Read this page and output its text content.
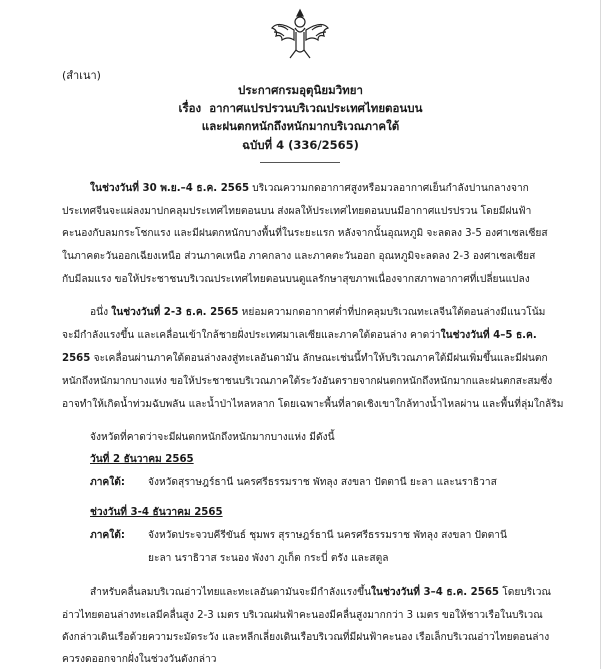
(สำเนา)
ประกาศกรมอุตุนิยมวิทยา
เรื่อง อากาศแปรปรวนบริเวณประเทศไทยตอนบน
และฝนตกหนักถึงหนักมากบริเวณภาคใต้
ฉบับที่ 4 (336/2565)
ในช่วงวันที่ 30 พ.ย.–4 ธ.ค. 2565 บริเวณความกดอากาศสูงหรือมวลอากาศเย็นกำลังปานกลางจาก
ประเทศจีนจะแผ่ลงมาปกคลุมประเทศไทยตอนบน ส่งผลให้ประเทศไทยตอนบนมีอากาศแปรปรวน โดยมีฝนฟ้า
คะนองกับลมกระโชกแรง และมีฝนตกหนักบางพื้นที่ในระยะแรก หลังจากนั้นอุณหภูมิ จะลดลง 3-5 องศาเซลเซียส
ในภาคตะวันออกเฉียงเหนือ ส่วนภาคเหนือ ภาคกลาง และภาคตะวันออก อุณหภูมิจะลดลง 2-3 องศาเซลเซียส
กับมีลมแรง ขอให้ประชาชนบริเวณประเทศไทยตอนบนดูแลรักษาสุขภาพเนื่องจากสภาพอากาศที่เปลี่ยนแปลง
อนึ่ง ในช่วงวันที่ 2-3 ธ.ค. 2565 หย่อมความกดอากาศต่ำที่ปกคลุมบริเวณทะเลจีนใต้ตอนล่างมีแนวโน้ม
จะมีกำลังแรงขึ้น และเคลื่อนเข้าใกล้ชายฝั่งประเทศมาเลเซียและภาคใต้ตอนล่าง คาดว่าในช่วงวันที่ 4–5 ธ.ค.
2565 จะเคลื่อนผ่านภาคใต้ตอนล่างลงสู่ทะเลอันดามัน ลักษณะเช่นนี้ทำให้บริเวณภาคใต้มีฝนเพิ่มขึ้นและมีฝนตก
หนักถึงหนักมากบางแห่ง ขอให้ประชาชนบริเวณภาคใต้ระวังอันตรายจากฝนตกหนักถึงหนักมากและฝนตกสะสมซึ่ง
อาจทำให้เกิดน้ำท่วมฉับพลัน และน้ำป่าไหลหลาก โดยเฉพาะพื้นที่ลาดเชิงเขาใกล้ทางน้ำไหลผ่าน และพื้นที่ลุ่มใกล้ริม
จังหวัดที่คาดว่าจะมีฝนตกหนักถึงหนักมากบางแห่ง มีดังนี้
วันที่ 2 ธันวาคม 2565
ภาคใต้: จังหวัดสุราษฎร์ธานี นครศรีธรรมราช พัทลุง สงขลา ปัตตานี ยะลา และนราธิวาส
ช่วงวันที่ 3-4 ธันวาคม 2565
ภาคใต้: จังหวัดประจวบคีรีขันธ์ ชุมพร สุราษฎร์ธานี นครศรีธรรมราช พัทลุง สงขลา ปัตตานี
ยะลา นราธิวาส ระนอง พังงา ภูเก็ต กระบี่ ตรัง และสตูล
สำหรับคลื่นลมบริเวณอ่าวไทยและทะเลอันดามันจะมีกำลังแรงขึ้นในช่วงวันที่ 3–4 ธ.ค. 2565 โดยบริเวณ
อ่าวไทยตอนล่างทะเลมีคลื่นสูง 2-3 เมตร บริเวณฝนฟ้าคะนองมีคลื่นสูงมากกว่า 3 เมตร ขอให้ชาวเรือในบริเวณ
ดังกล่าวเดินเรือด้วยความระมัดระวัง และหลีกเลี่ยงเดินเรือบริเวณที่มีฝนฟ้าคะนอง เรือเล็กบริเวณอ่าวไทยตอนล่าง
ควรงดออกจากฝั่งในช่วงวันดังกล่าว
